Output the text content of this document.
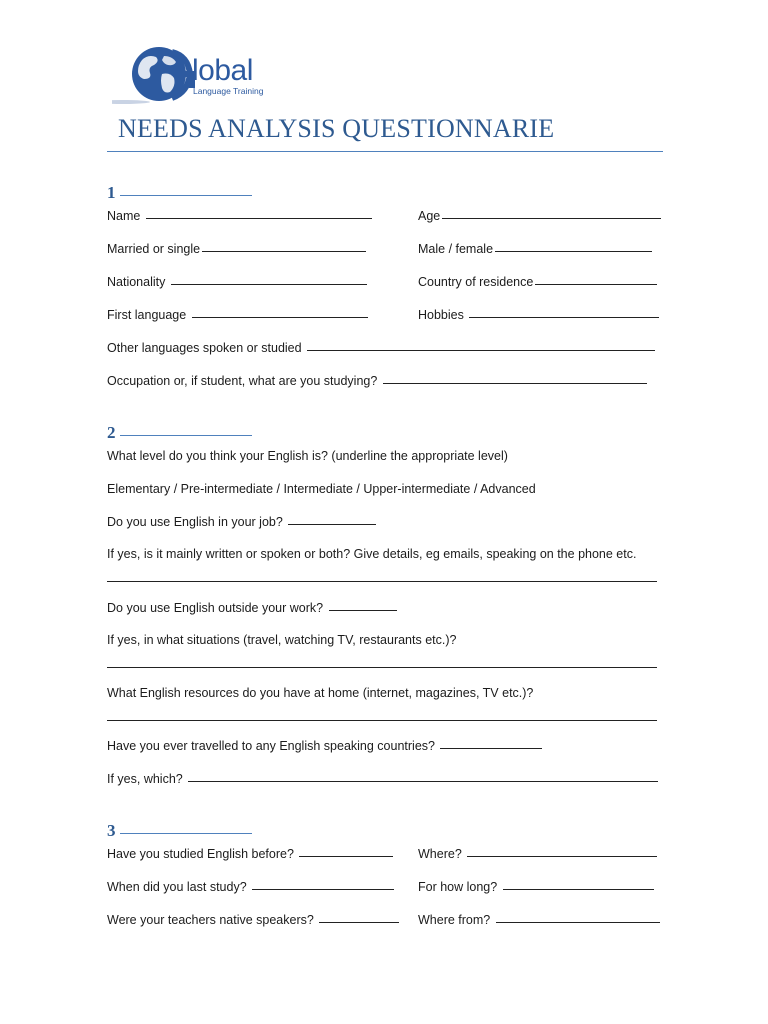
lobal
Language Training
NEEDS ANALYSIS QUESTIONNARIE
1
Name	Age
Married or single	Male / female
Nationality	Country of residence
First language	Hobbies
Other languages spoken or studied
Occupation or, if student, what are you studying?
2
What level do you think your English is? (underline the appropriate level)
Elementary / Pre-intermediate / Intermediate / Upper-intermediate / Advanced
Do you use English in your job?
If yes, is it mainly written or spoken or both? Give details, eg emails, speaking on the phone etc.
Do you use English outside your work?
If yes, in what situations (travel, watching TV, restaurants etc.)?
What English resources do you have at home (internet, magazines, TV etc.)?
Have you ever travelled to any English speaking countries?
If yes, which?
3
Have you studied English before?	Where?
When did you last study?	For how long?
Were your teachers native speakers?	Where from?
